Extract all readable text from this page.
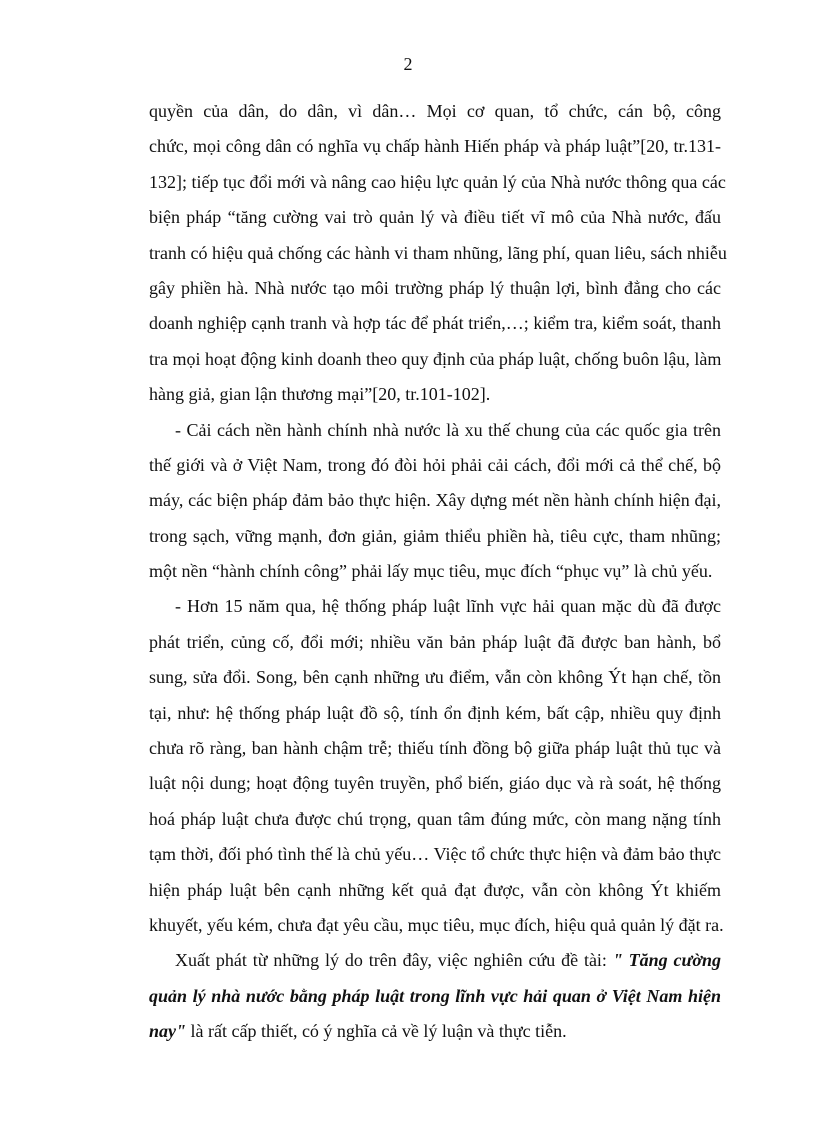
2
quyền của dân, do dân, vì dân… Mọi cơ quan, tổ chức, cán bộ, công
chức, mọi công dân có nghĩa vụ chấp hành Hiến pháp và pháp luật”[20, tr.131-
132]; tiếp tục đổi mới và nâng cao hiệu lực quản lý của Nhà nước thông qua các
biện pháp “tăng cường vai trò quản lý và điều tiết vĩ mô của Nhà nước, đấu
tranh có hiệu quả chống các hành vi tham nhũng, lãng phí, quan liêu, sách nhiễu
gây phiền hà. Nhà nước tạo môi trường pháp lý thuận lợi, bình đẳng cho các
doanh nghiệp cạnh tranh và hợp tác để phát triển,…; kiểm tra, kiểm soát, thanh
tra mọi hoạt động kinh doanh theo quy định của pháp luật, chống buôn lậu, làm
hàng giả, gian lận thương mại”[20, tr.101-102].
- Cải cách nền hành chính nhà nước là xu thế chung của các quốc gia trên
thế giới và ở Việt Nam, trong đó đòi hỏi phải cải cách, đổi mới cả thể chế, bộ
máy, các biện pháp đảm bảo thực hiện. Xây dựng mét nền hành chính hiện đại,
trong sạch, vững mạnh, đơn giản, giảm thiểu phiền hà, tiêu cực, tham nhũng;
một nền “hành chính công” phải lấy mục tiêu, mục đích “phục vụ” là chủ yếu.
- Hơn 15 năm qua, hệ thống pháp luật lĩnh vực hải quan mặc dù đã được
phát triển, củng cố, đổi mới; nhiều văn bản pháp luật đã được ban hành, bổ
sung, sửa đổi. Song, bên cạnh những ưu điểm, vẫn còn không Ýt hạn chế, tồn
tại, như: hệ thống pháp luật đồ sộ, tính ổn định kém, bất cập, nhiều quy định
chưa rõ ràng, ban hành chậm trễ; thiếu tính đồng bộ giữa pháp luật thủ tục và
luật nội dung; hoạt động tuyên truyền, phổ biến, giáo dục và rà soát, hệ thống
hoá pháp luật chưa được chú trọng, quan tâm đúng mức, còn mang nặng tính
tạm thời, đối phó tình thế là chủ yếu… Việc tổ chức thực hiện và đảm bảo thực
hiện pháp luật bên cạnh những kết quả đạt được, vẫn còn không Ýt khiếm
khuyết, yếu kém, chưa đạt yêu cầu, mục tiêu, mục đích, hiệu quả quản lý đặt ra.
Xuất phát từ những lý do trên đây, việc nghiên cứu đề tài: " Tăng cường
quản lý nhà nước bằng pháp luật trong lĩnh vực hải quan ở Việt Nam hiện
nay" là rất cấp thiết, có ý nghĩa cả về lý luận và thực tiễn.
